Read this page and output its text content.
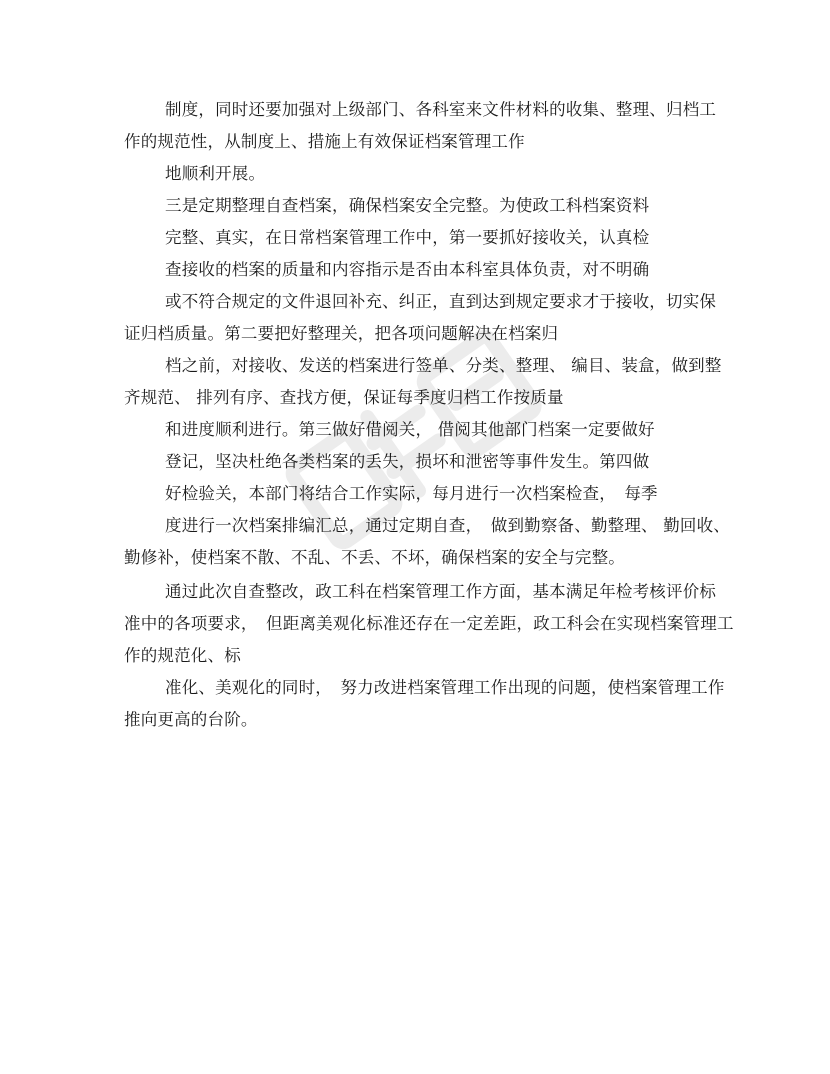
制度，同时还要加强对上级部门、各科室来文件材料的收集、整理、归档工
作的规范性，从制度上、措施上有效保证档案管理工作
地顺利开展。
三是定期整理自查档案，确保档案安全完整。为使政工科档案资料
完整、真实，在日常档案管理工作中，第一要抓好接收关，认真检
查接收的档案的质量和内容指示是否由本科室具体负责，对不明确
或不符合规定的文件退回补充、纠正，直到达到规定要求才于接收，切实保
证归档质量。第二要把好整理关，把各项问题解决在档案归
档之前，对接收、发送的档案进行签单、分类、整理、 编目、装盒，做到整
齐规范、 排列有序、查找方便，保证每季度归档工作按质量
和进度顺利进行。第三做好借阅关， 借阅其他部门档案一定要做好
登记，坚决杜绝各类档案的丢失，损坏和泄密等事件发生。第四做
好检验关，本部门将结合工作实际，每月进行一次档案检查，　每季
度进行一次档案排编汇总，通过定期自查，　做到勤察备、勤整理、 勤回收、
勤修补，使档案不散、不乱、不丢、不坏，确保档案的安全与完整。
通过此次自查整改，政工科在档案管理工作方面，基本满足年检考核评价标
准中的各项要求，　但距离美观化标准还存在一定差距，政工科会在实现档案管理工
作的规范化、标
准化、美观化的同时，　努力改进档案管理工作出现的问题，使档案管理工作
推向更高的台阶。
